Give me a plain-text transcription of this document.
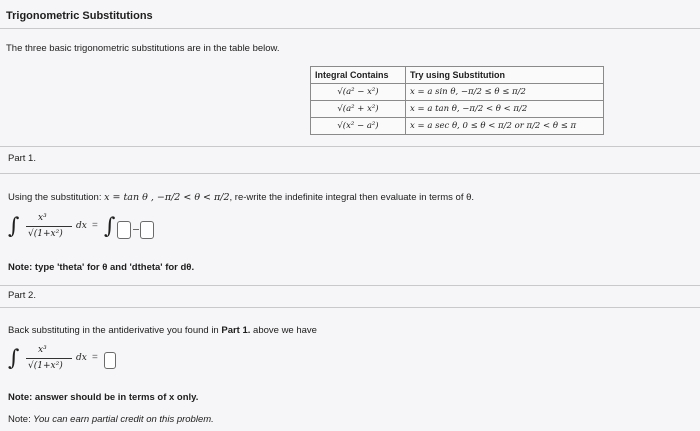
Trigonometric Substitutions
The three basic trigonometric substitutions are in the table below.
Integral Contains	Try using Substitution
√(a² − x²)	x = a sin θ, −π/2 ≤ θ ≤ π/2
√(a² + x²)	x = a tan θ, −π/2 < θ < π/2
√(x² − a²)	x = a sec θ, 0 ≤ θ < π/2 or π/2 < θ ≤ π
Part 1.
Using the substitution: x = tan θ , −π/2 < θ < π/2, re-write the indefinite integral then evaluate in terms of θ.
∫ x³
√(1+x²)
dx = ∫
Note: type 'theta' for θ and 'dtheta' for dθ.
Part 2.
Back substituting in the antiderivative you found in Part 1. above we have
∫ x³
√(1+x²)
dx =
Note: answer should be in terms of x only.
Note: You can earn partial credit on this problem.
